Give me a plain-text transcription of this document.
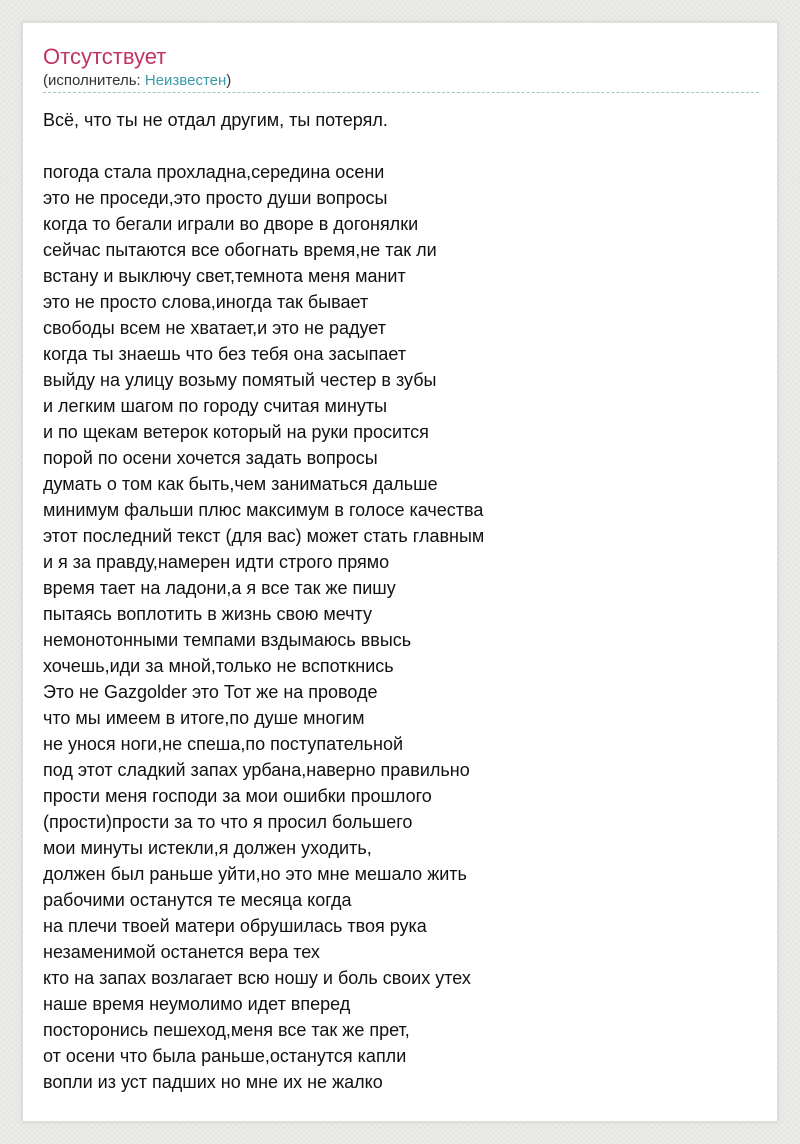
Отсутствует

(исполнитель: Неизвестен)

Всё, что ты не отдал другим, ты потерял.
погода стала прохладна,середина осени
это не проседи,это просто души вопросы
когда то бегали играли во дворе в догонялки
сейчас пытаются все обогнать время,не так ли
встану и выключу свет,темнота меня манит
это не просто слова,иногда так бывает
свободы всем не хватает,и это не радует
когда ты знаешь что без тебя она засыпает
выйду на улицу возьму помятый честер в зубы
и легким шагом по городу считая минуты
и по щекам ветерок который на руки просится
порой по осени хочется задать вопросы
думать о том как быть,чем заниматься дальше
минимум фальши плюс максимум в голосе качества
этот последний текст (для вас) может стать главным
и я за правду,намерен идти строго прямо
время тает на ладони,а я все так же пишу
пытаясь воплотить в жизнь свою мечту
немонотонными темпами вздымаюсь ввысь
хочешь,иди за мной,только не вспоткнись
Это не Gazgolder это Тот же на проводе
что мы имеем в итоге,по душе многим
не унося ноги,не спеша,по поступательной
под этот сладкий запах урбана,наверно правильно
прости меня господи за мои ошибки прошлого
(прости)прости за то что я просил большего
мои минуты истекли,я должен уходить,
должен был раньше уйти,но это мне мешало жить
рабочими останутся те месяца когда
на плечи твоей матери обрушилась твоя рука
незаменимой останется вера тех
кто на запах возлагает всю ношу и боль своих утех
наше время неумолимо идет вперед
посторонись пешеход,меня все так же прет,
от осени что была раньше,останутся капли
вопли из уст падших но мне их не жалко
